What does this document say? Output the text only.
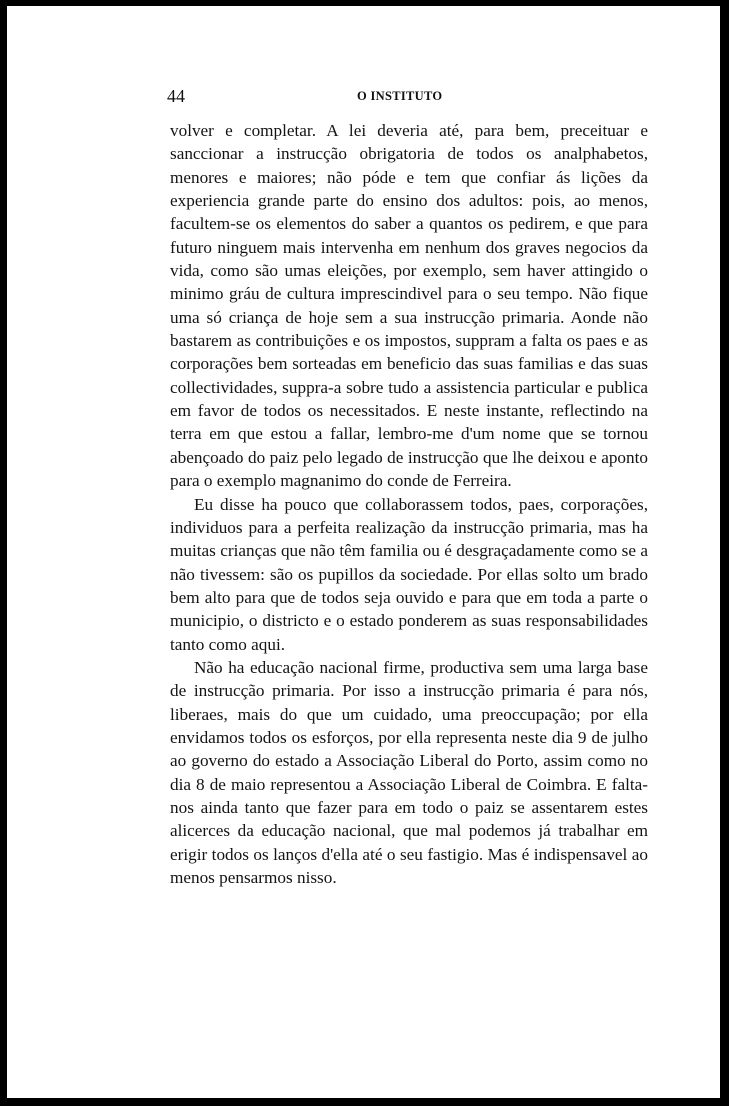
44	O INSTITUTO

volver e completar. A lei deveria até, para bem, preceituar e sanccionar a instrucção obrigatoria de todos os analphabetos, menores e maiores; não póde e tem que confiar ás lições da experiencia grande parte do ensino dos adultos: pois, ao menos, facultem-se os elementos do saber a quantos os pedirem, e que para futuro ninguem mais intervenha em nenhum dos graves negocios da vida, como são umas eleições, por exemplo, sem haver attingido o minimo gráu de cultura imprescindivel para o seu tempo. Não fique uma só criança de hoje sem a sua instrucção primaria. Aonde não bastarem as contribuições e os impostos, suppram a falta os paes e as corporações bem sorteadas em beneficio das suas familias e das suas collectividades, suppra-a sobre tudo a assistencia particular e publica em favor de todos os necessitados. E neste instante, reflectindo na terra em que estou a fallar, lembro-me d'um nome que se tornou abençoado do paiz pelo legado de instrucção que lhe deixou e aponto para o exemplo magnanimo do conde de Ferreira.

Eu disse ha pouco que collaborassem todos, paes, corporações, individuos para a perfeita realização da instrucção primaria, mas ha muitas crianças que não têm familia ou é desgraçadamente como se a não tivessem: são os pupillos da sociedade. Por ellas solto um brado bem alto para que de todos seja ouvido e para que em toda a parte o municipio, o districto e o estado ponderem as suas responsabilidades tanto como aqui.

Não ha educação nacional firme, productiva sem uma larga base de instrucção primaria. Por isso a instrucção primaria é para nós, liberaes, mais do que um cuidado, uma preoccupação; por ella envidamos todos os esforços, por ella representa neste dia 9 de julho ao governo do estado a Associação Liberal do Porto, assim como no dia 8 de maio representou a Associação Liberal de Coimbra. E falta-nos ainda tanto que fazer para em todo o paiz se assentarem estes alicerces da educação nacional, que mal podemos já trabalhar em erigir todos os lanços d'ella até o seu fastigio. Mas é indispensavel ao menos pensarmos nisso.
